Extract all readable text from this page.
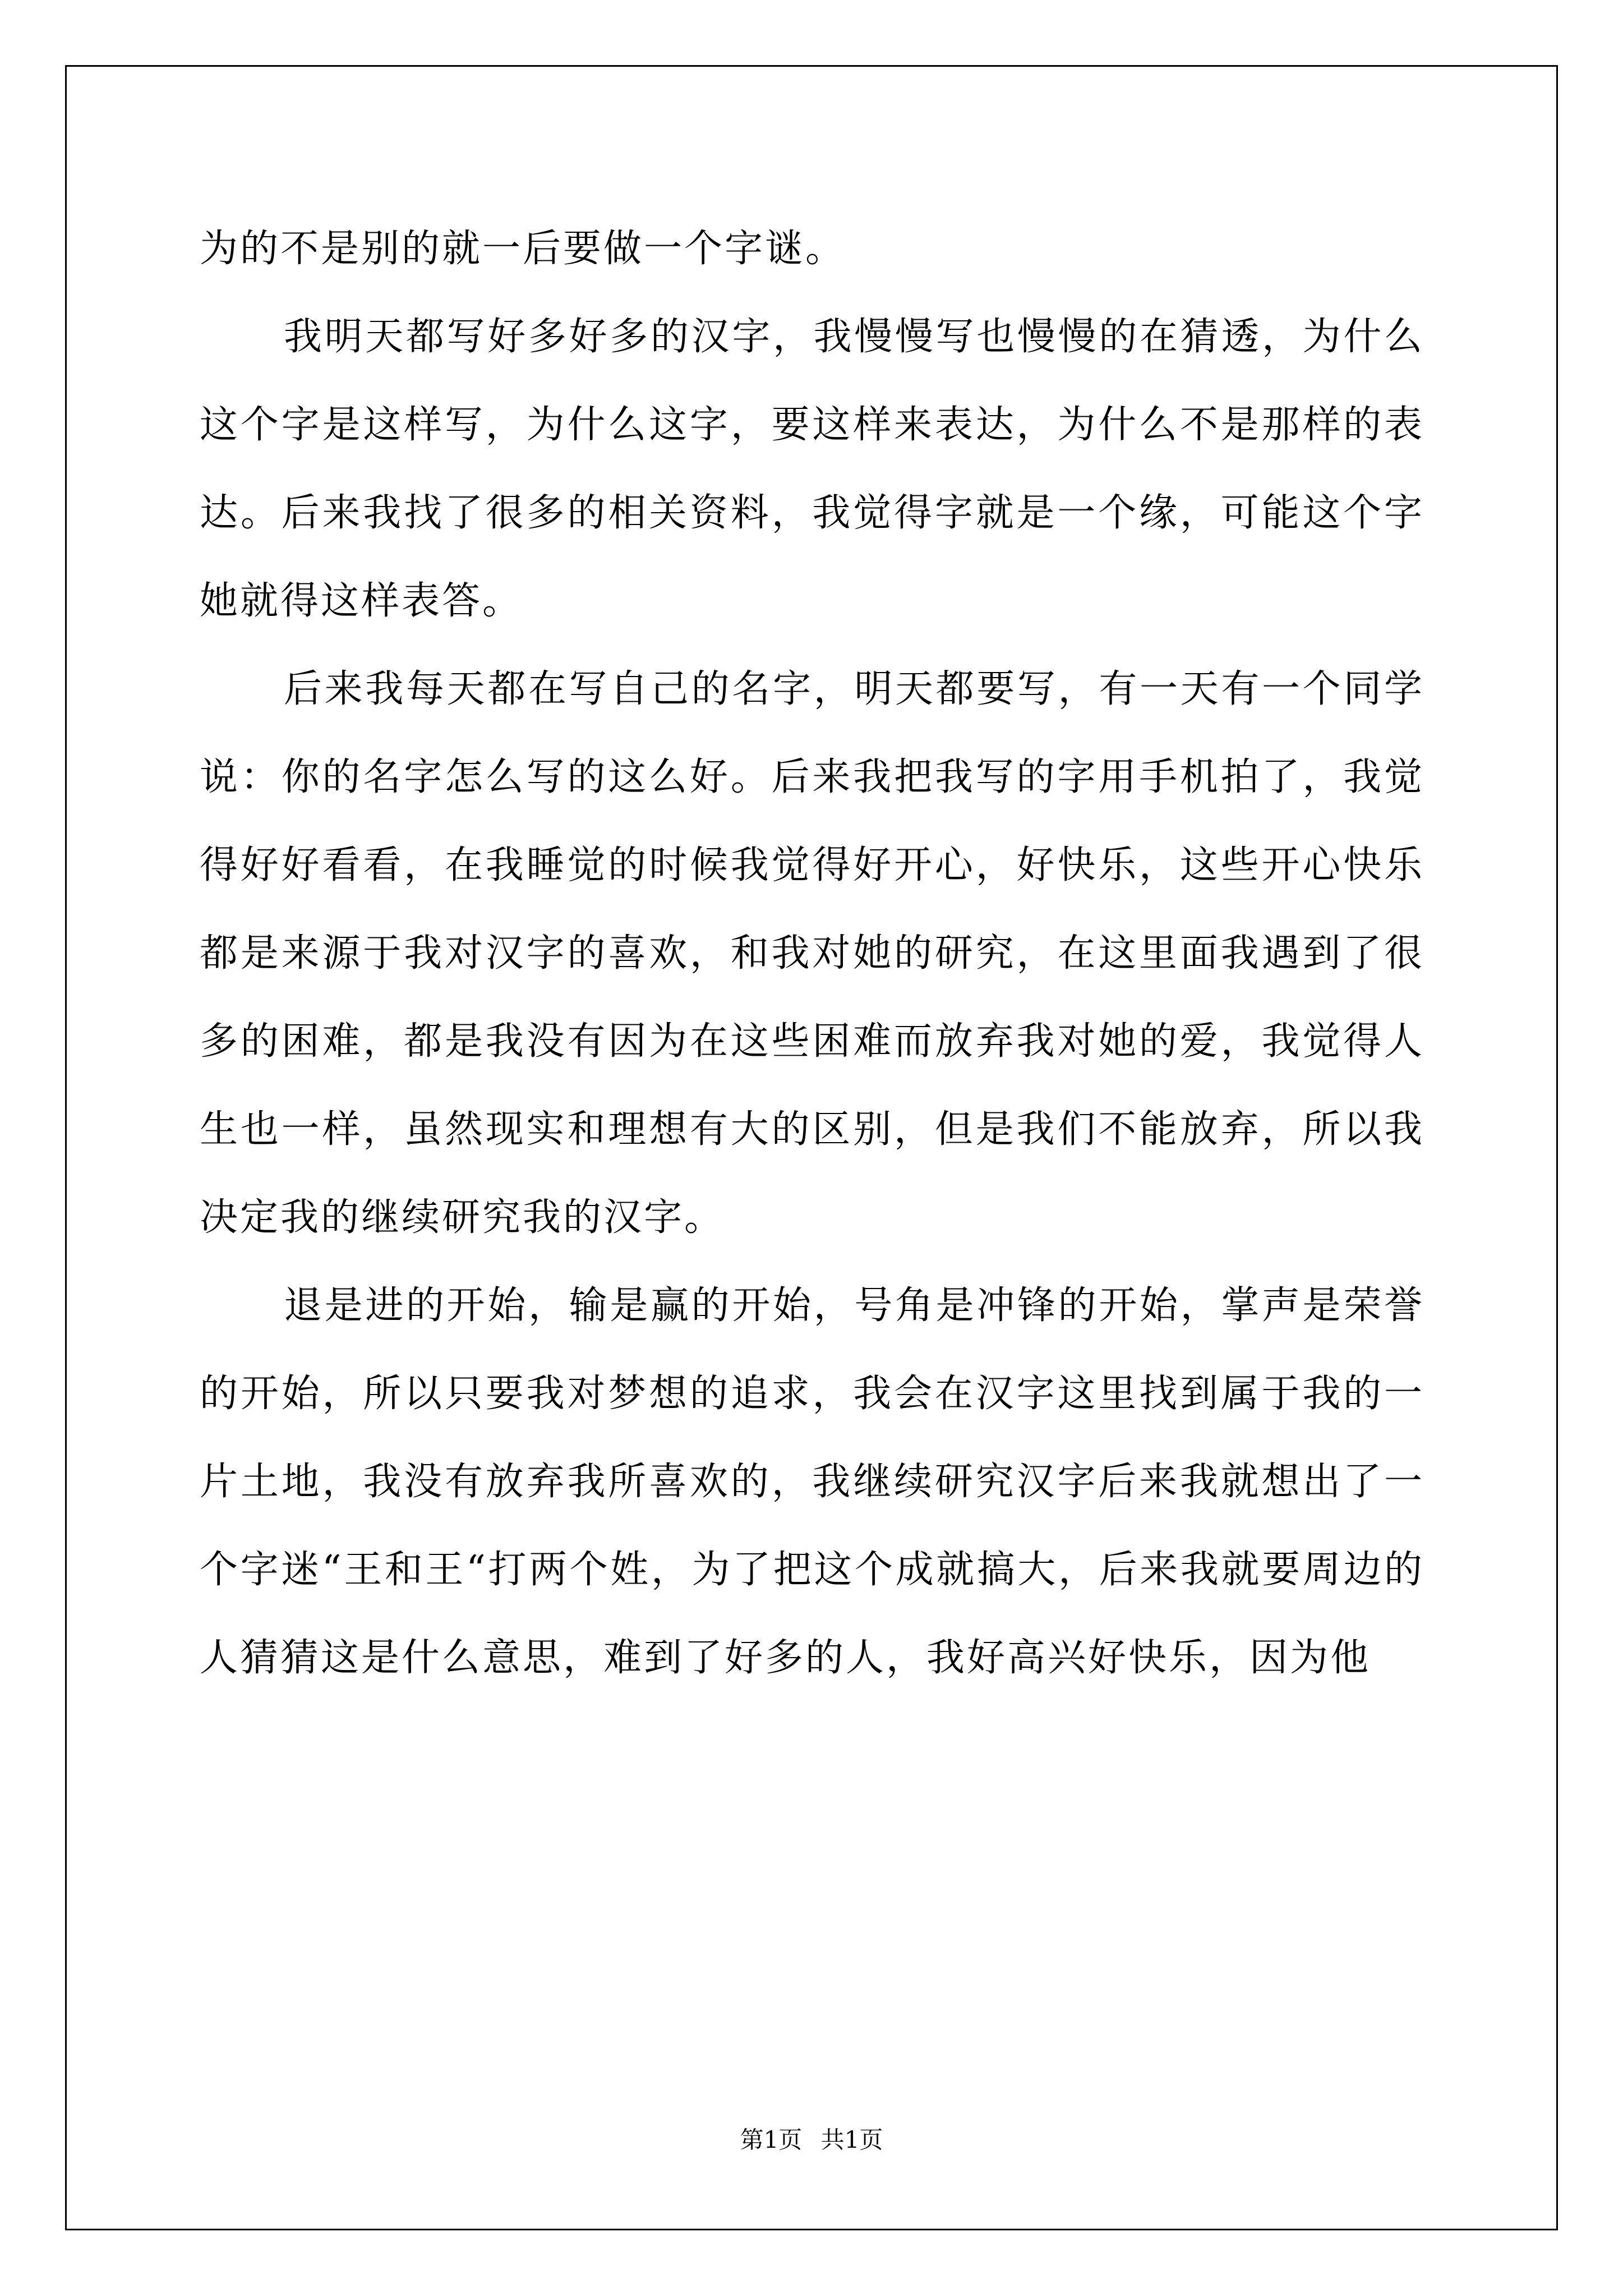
为的不是别的就一后要做一个字谜。

我明天都写好多好多的汉字，我慢慢写也慢慢的在猜透，为什么这个字是这样写，为什么这字，要这样来表达，为什么不是那样的表达。后来我找了很多的相关资料，我觉得字就是一个缘，可能这个字她就得这样表答。

后来我每天都在写自己的名字，明天都要写，有一天有一个同学说：你的名字怎么写的这么好。后来我把我写的字用手机拍了，我觉得好好看看，在我睡觉的时候我觉得好开心，好快乐，这些开心快乐都是来源于我对汉字的喜欢，和我对她的研究，在这里面我遇到了很多的困难，都是我没有因为在这些困难而放弃我对她的爱，我觉得人生也一样，虽然现实和理想有大的区别，但是我们不能放弃，所以我决定我的继续研究我的汉字。

退是进的开始，输是赢的开始，号角是冲锋的开始，掌声是荣誉的开始，所以只要我对梦想的追求，我会在汉字这里找到属于我的一片土地，我没有放弃我所喜欢的，我继续研究汉字后来我就想出了一个字迷“王和王“打两个姓，为了把这个成就搞大，后来我就要周边的人猜猜这是什么意思，难到了好多的人，我好高兴好快乐，因为他

第1页 共1页
